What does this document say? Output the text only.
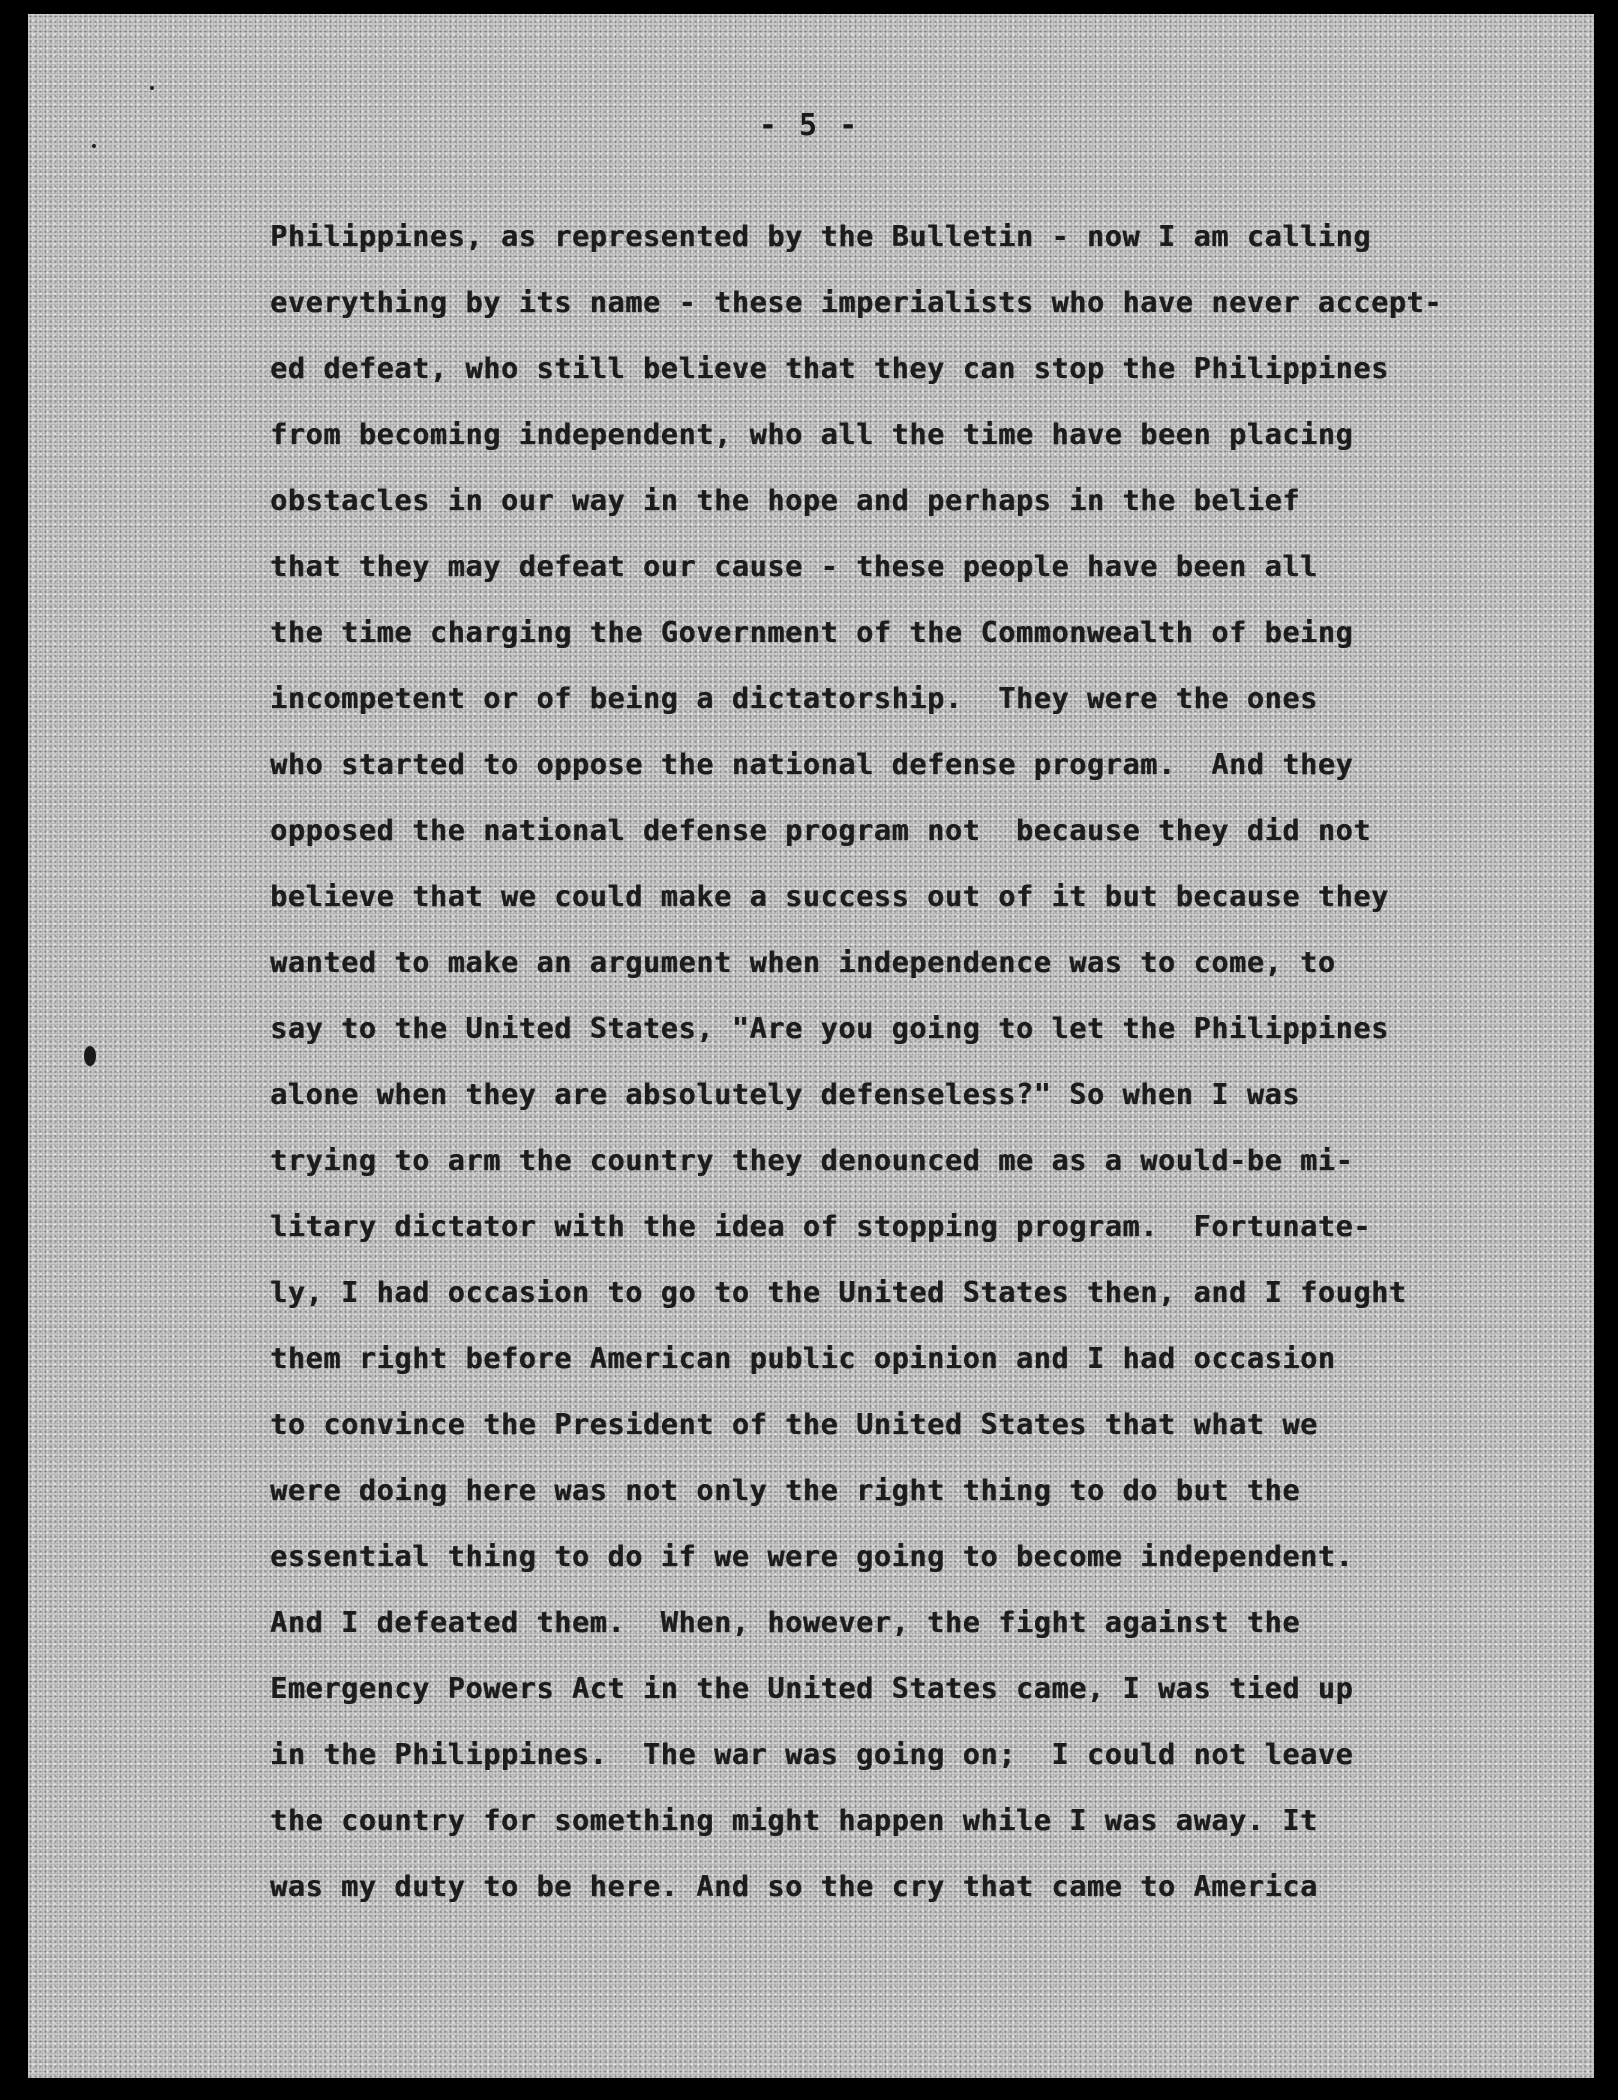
- 5 -
Philippines, as represented by the Bulletin - now I am calling
everything by its name - these imperialists who have never accept-
ed defeat, who still believe that they can stop the Philippines
from becoming independent, who all the time have been placing
obstacles in our way in the hope and perhaps in the belief
that they may defeat our cause - these people have been all
the time charging the Government of the Commonwealth of being
incompetent or of being a dictatorship.  They were the ones
who started to oppose the national defense program.  And they
opposed the national defense program not  because they did not
believe that we could make a success out of it but because they
wanted to make an argument when independence was to come, to
say to the United States, "Are you going to let the Philippines
alone when they are absolutely defenseless?" So when I was
trying to arm the country they denounced me as a would-be mi-
litary dictator with the idea of stopping program.  Fortunate-
ly, I had occasion to go to the United States then, and I fought
them right before American public opinion and I had occasion
to convince the President of the United States that what we
were doing here was not only the right thing to do but the
essential thing to do if we were going to become independent.
And I defeated them.  When, however, the fight against the
Emergency Powers Act in the United States came, I was tied up
in the Philippines.  The war was going on;  I could not leave
the country for something might happen while I was away. It
was my duty to be here. And so the cry that came to America
